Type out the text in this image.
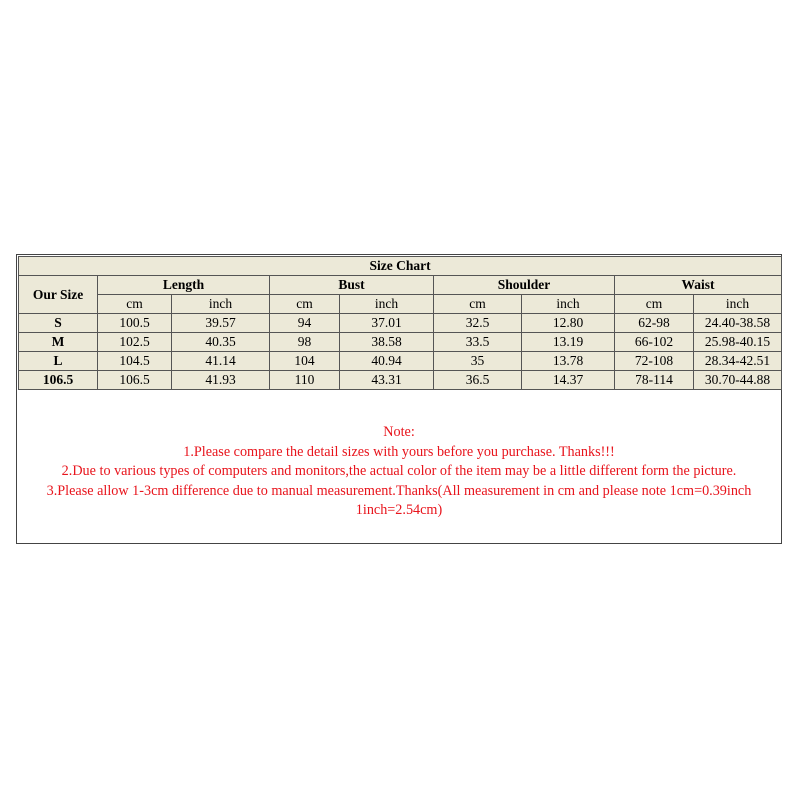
Size Chart								
Our Size	Length		Bust		Shoulder		Waist	
	cm	inch	cm	inch	cm	inch	cm	inch
S	100.5	39.57	94	37.01	32.5	12.80	62-98	24.40-38.58
M	102.5	40.35	98	38.58	33.5	13.19	66-102	25.98-40.15
L	104.5	41.14	104	40.94	35	13.78	72-108	28.34-42.51
106.5	106.5	41.93	110	43.31	36.5	14.37	78-114	30.70-44.88
Note:
1.Please compare the detail sizes with yours before you purchase. Thanks!!!
2.Due to various types of computers and monitors,the actual color of the item may be a little different form the picture.
3.Please allow 1-3cm difference due to manual measurement.Thanks(All measurement in cm and please note 1cm=0.39inch
1inch=2.54cm)
